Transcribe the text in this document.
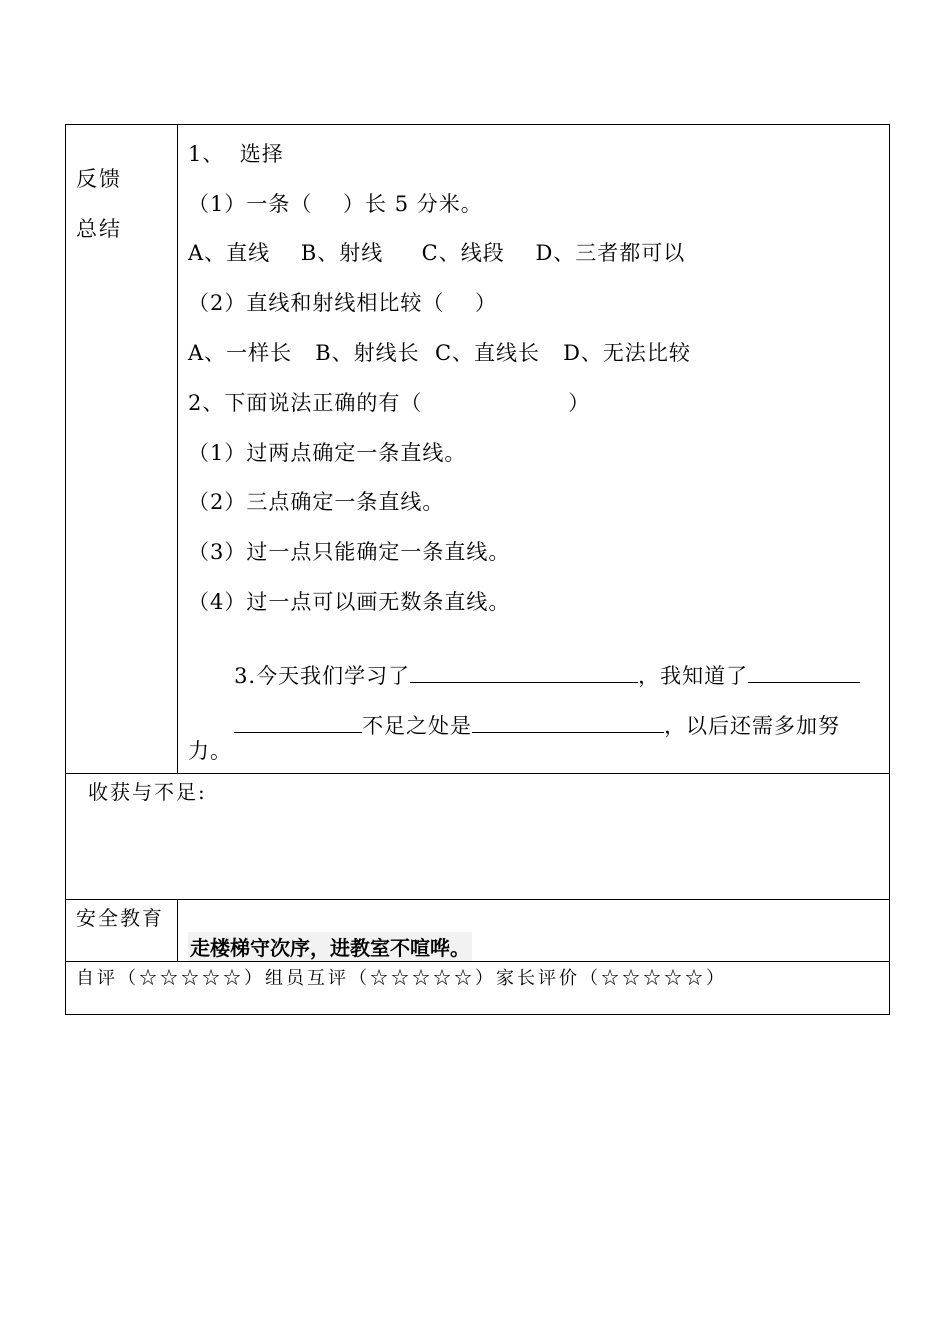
反馈
总结
1、  选择
（1）一条（    ）长 5 分米。
A、直线    B、射线     C、线段    D、三者都可以
（2）直线和射线相比较（    ）
A、一样长   B、射线长  C、直线长   D、无法比较
2、下面说法正确的有（                   ）
（1）过两点确定一条直线。
（2）三点确定一条直线。
（3）过一点只能确定一条直线。
（4）过一点可以画无数条直线。

3.今天我们学习了	，我知道了

不足之处是	，以后还需多加努

力。
收获与不足:
安全教育
走楼梯守次序，进教室不喧哗。
自评（☆☆☆☆☆）组员互评（☆☆☆☆☆）家长评价（☆☆☆☆☆）
